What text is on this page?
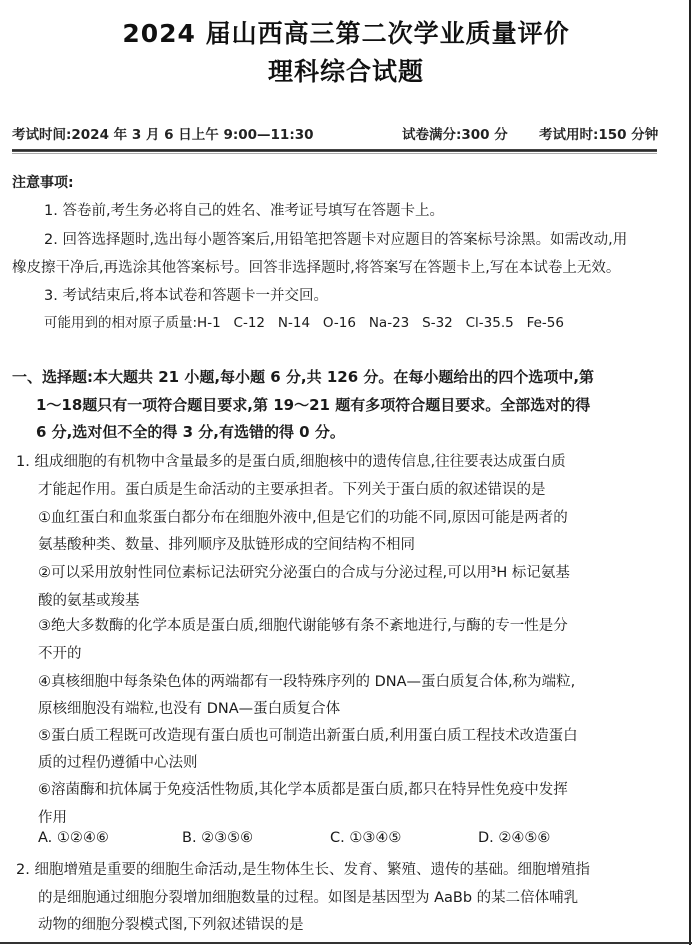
2024 届山西高三第二次学业质量评价
理科综合试题
考试时间:2024 年 3 月 6 日上午 9:00—11:30	试卷满分:300 分	考试用时:150 分钟
注意事项:
1. 答卷前,考生务必将自己的姓名、准考证号填写在答题卡上。
2. 回答选择题时,选出每小题答案后,用铅笔把答题卡对应题目的答案标号涂黑。如需改动,用
橡皮擦干净后,再选涂其他答案标号。回答非选择题时,将答案写在答题卡上,写在本试卷上无效。
3. 考试结束后,将本试卷和答题卡一并交回。
可能用到的相对原子质量:H-1   C-12   N-14   O-16   Na-23   S-32   Cl-35.5   Fe-56
一、选择题:本大题共 21 小题,每小题 6 分,共 126 分。在每小题给出的四个选项中,第
1～18题只有一项符合题目要求,第 19～21 题有多项符合题目要求。全部选对的得
6 分,选对但不全的得 3 分,有选错的得 0 分。
1. 组成细胞的有机物中含量最多的是蛋白质,细胞核中的遗传信息,往往要表达成蛋白质
才能起作用。蛋白质是生命活动的主要承担者。下列关于蛋白质的叙述错误的是
①血红蛋白和血浆蛋白都分布在细胞外液中,但是它们的功能不同,原因可能是两者的
氨基酸种类、数量、排列顺序及肽链形成的空间结构不相同
②可以采用放射性同位素标记法研究分泌蛋白的合成与分泌过程,可以用³H 标记氨基
酸的氨基或羧基
③绝大多数酶的化学本质是蛋白质,细胞代谢能够有条不紊地进行,与酶的专一性是分
不开的
④真核细胞中每条染色体的两端都有一段特殊序列的 DNA—蛋白质复合体,称为端粒,
原核细胞没有端粒,也没有 DNA—蛋白质复合体
⑤蛋白质工程既可改造现有蛋白质也可制造出新蛋白质,利用蛋白质工程技术改造蛋白
质的过程仍遵循中心法则
⑥溶菌酶和抗体属于免疫活性物质,其化学本质都是蛋白质,都只在特异性免疫中发挥
作用
A. ①②④⑥	B. ②③⑤⑥	C. ①③④⑤	D. ②④⑤⑥
2. 细胞增殖是重要的细胞生命活动,是生物体生长、发育、繁殖、遗传的基础。细胞增殖指
的是细胞通过细胞分裂增加细胞数量的过程。如图是基因型为 AaBb 的某二倍体哺乳
动物的细胞分裂模式图,下列叙述错误的是
